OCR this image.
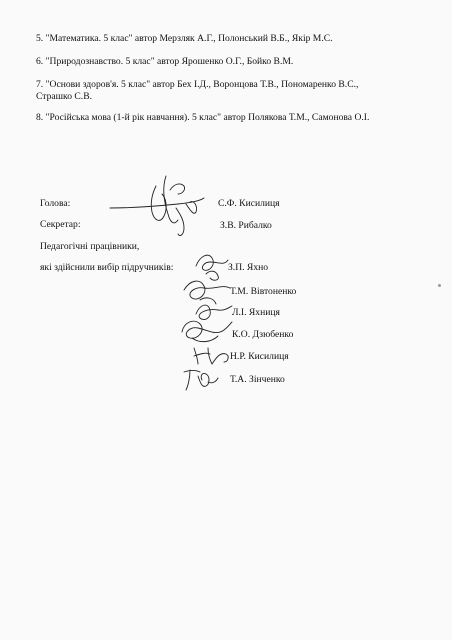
5. "Математика. 5 клас" автор Мерзляк А.Г., Полонський В.Б., Якір М.С.
6. "Природознавство. 5 клас" автор Ярошенко О.Г., Бойко В.М.
7. "Основи здоров'я. 5 клас" автор Бех І.Д., Воронцова Т.В., Пономаренко В.С.,
Страшко С.В.
8. "Російська мова (1-й рік навчання). 5 клас" автор Полякова Т.М., Самонова О.І.
Голова:	С.Ф. Кисилиця
Секретар:	З.В. Рибалко
Педагогічні працівники,
які здійснили вибір підручників:	З.П. Яхно
Т.М. Вівтоненко
Л.І. Яхниця
К.О. Дзюбенко
Н.Р. Кисилиця
Т.А. Зінченко
